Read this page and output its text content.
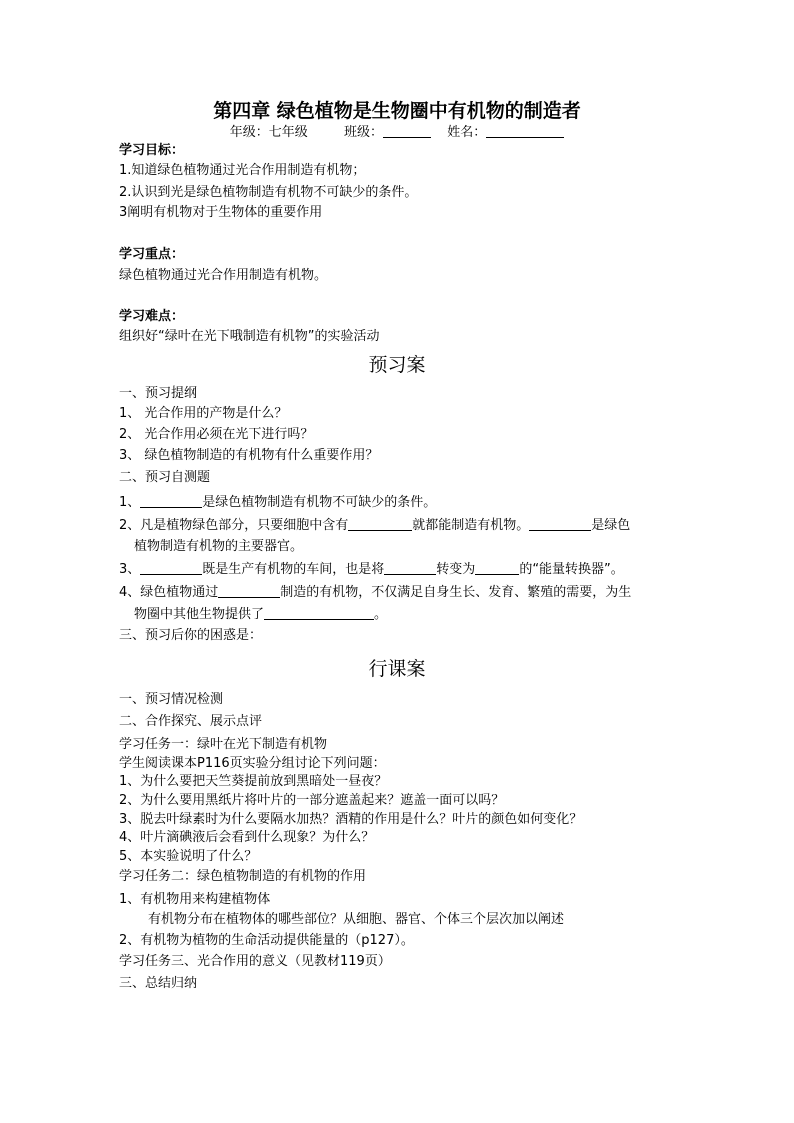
第四章 绿色植物是生物圈中有机物的制造者
年级：七年级	班级：	姓名：
学习目标：
1.知道绿色植物通过光合作用制造有机物；
2.认识到光是绿色植物制造有机物不可缺少的条件。
3阐明有机物对于生物体的重要作用
学习重点：
绿色植物通过光合作用制造有机物。
学习难点：
组织好“绿叶在光下哦制造有机物”的实验活动
预习案
一、预习提纲
1、 光合作用的产物是什么？
2、 光合作用必须在光下进行吗？
3、 绿色植物制造的有机物有什么重要作用？
二、预习自测题
1、	是绿色植物制造有机物不可缺少的条件。
2、凡是植物绿色部分，只要细胞中含有	就都能制造有机物。	是绿色
植物制造有机物的主要器官。
3、	既是生产有机物的车间，也是将	转变为	的“能量转换器”。
4、绿色植物通过	制造的有机物，不仅满足自身生长、发育、繁殖的需要，为生
物圈中其他生物提供了	。
三、预习后你的困惑是：
行课案
一、预习情况检测
二、合作探究、展示点评
学习任务一：绿叶在光下制造有机物
学生阅读课本P116页实验分组讨论下列问题：
1、为什么要把天竺葵提前放到黑暗处一昼夜？
2、为什么要用黑纸片将叶片的一部分遮盖起来？遮盖一面可以吗？
3、脱去叶绿素时为什么要隔水加热？酒精的作用是什么？叶片的颜色如何变化？
4、叶片滴碘液后会看到什么现象？为什么？
5、本实验说明了什么？
学习任务二：绿色植物制造的有机物的作用
1、有机物用来构建植物体
有机物分布在植物体的哪些部位？从细胞、器官、个体三个层次加以阐述
2、有机物为植物的生命活动提供能量的（p127）。
学习任务三、光合作用的意义（见教材119页）
三、总结归纳
